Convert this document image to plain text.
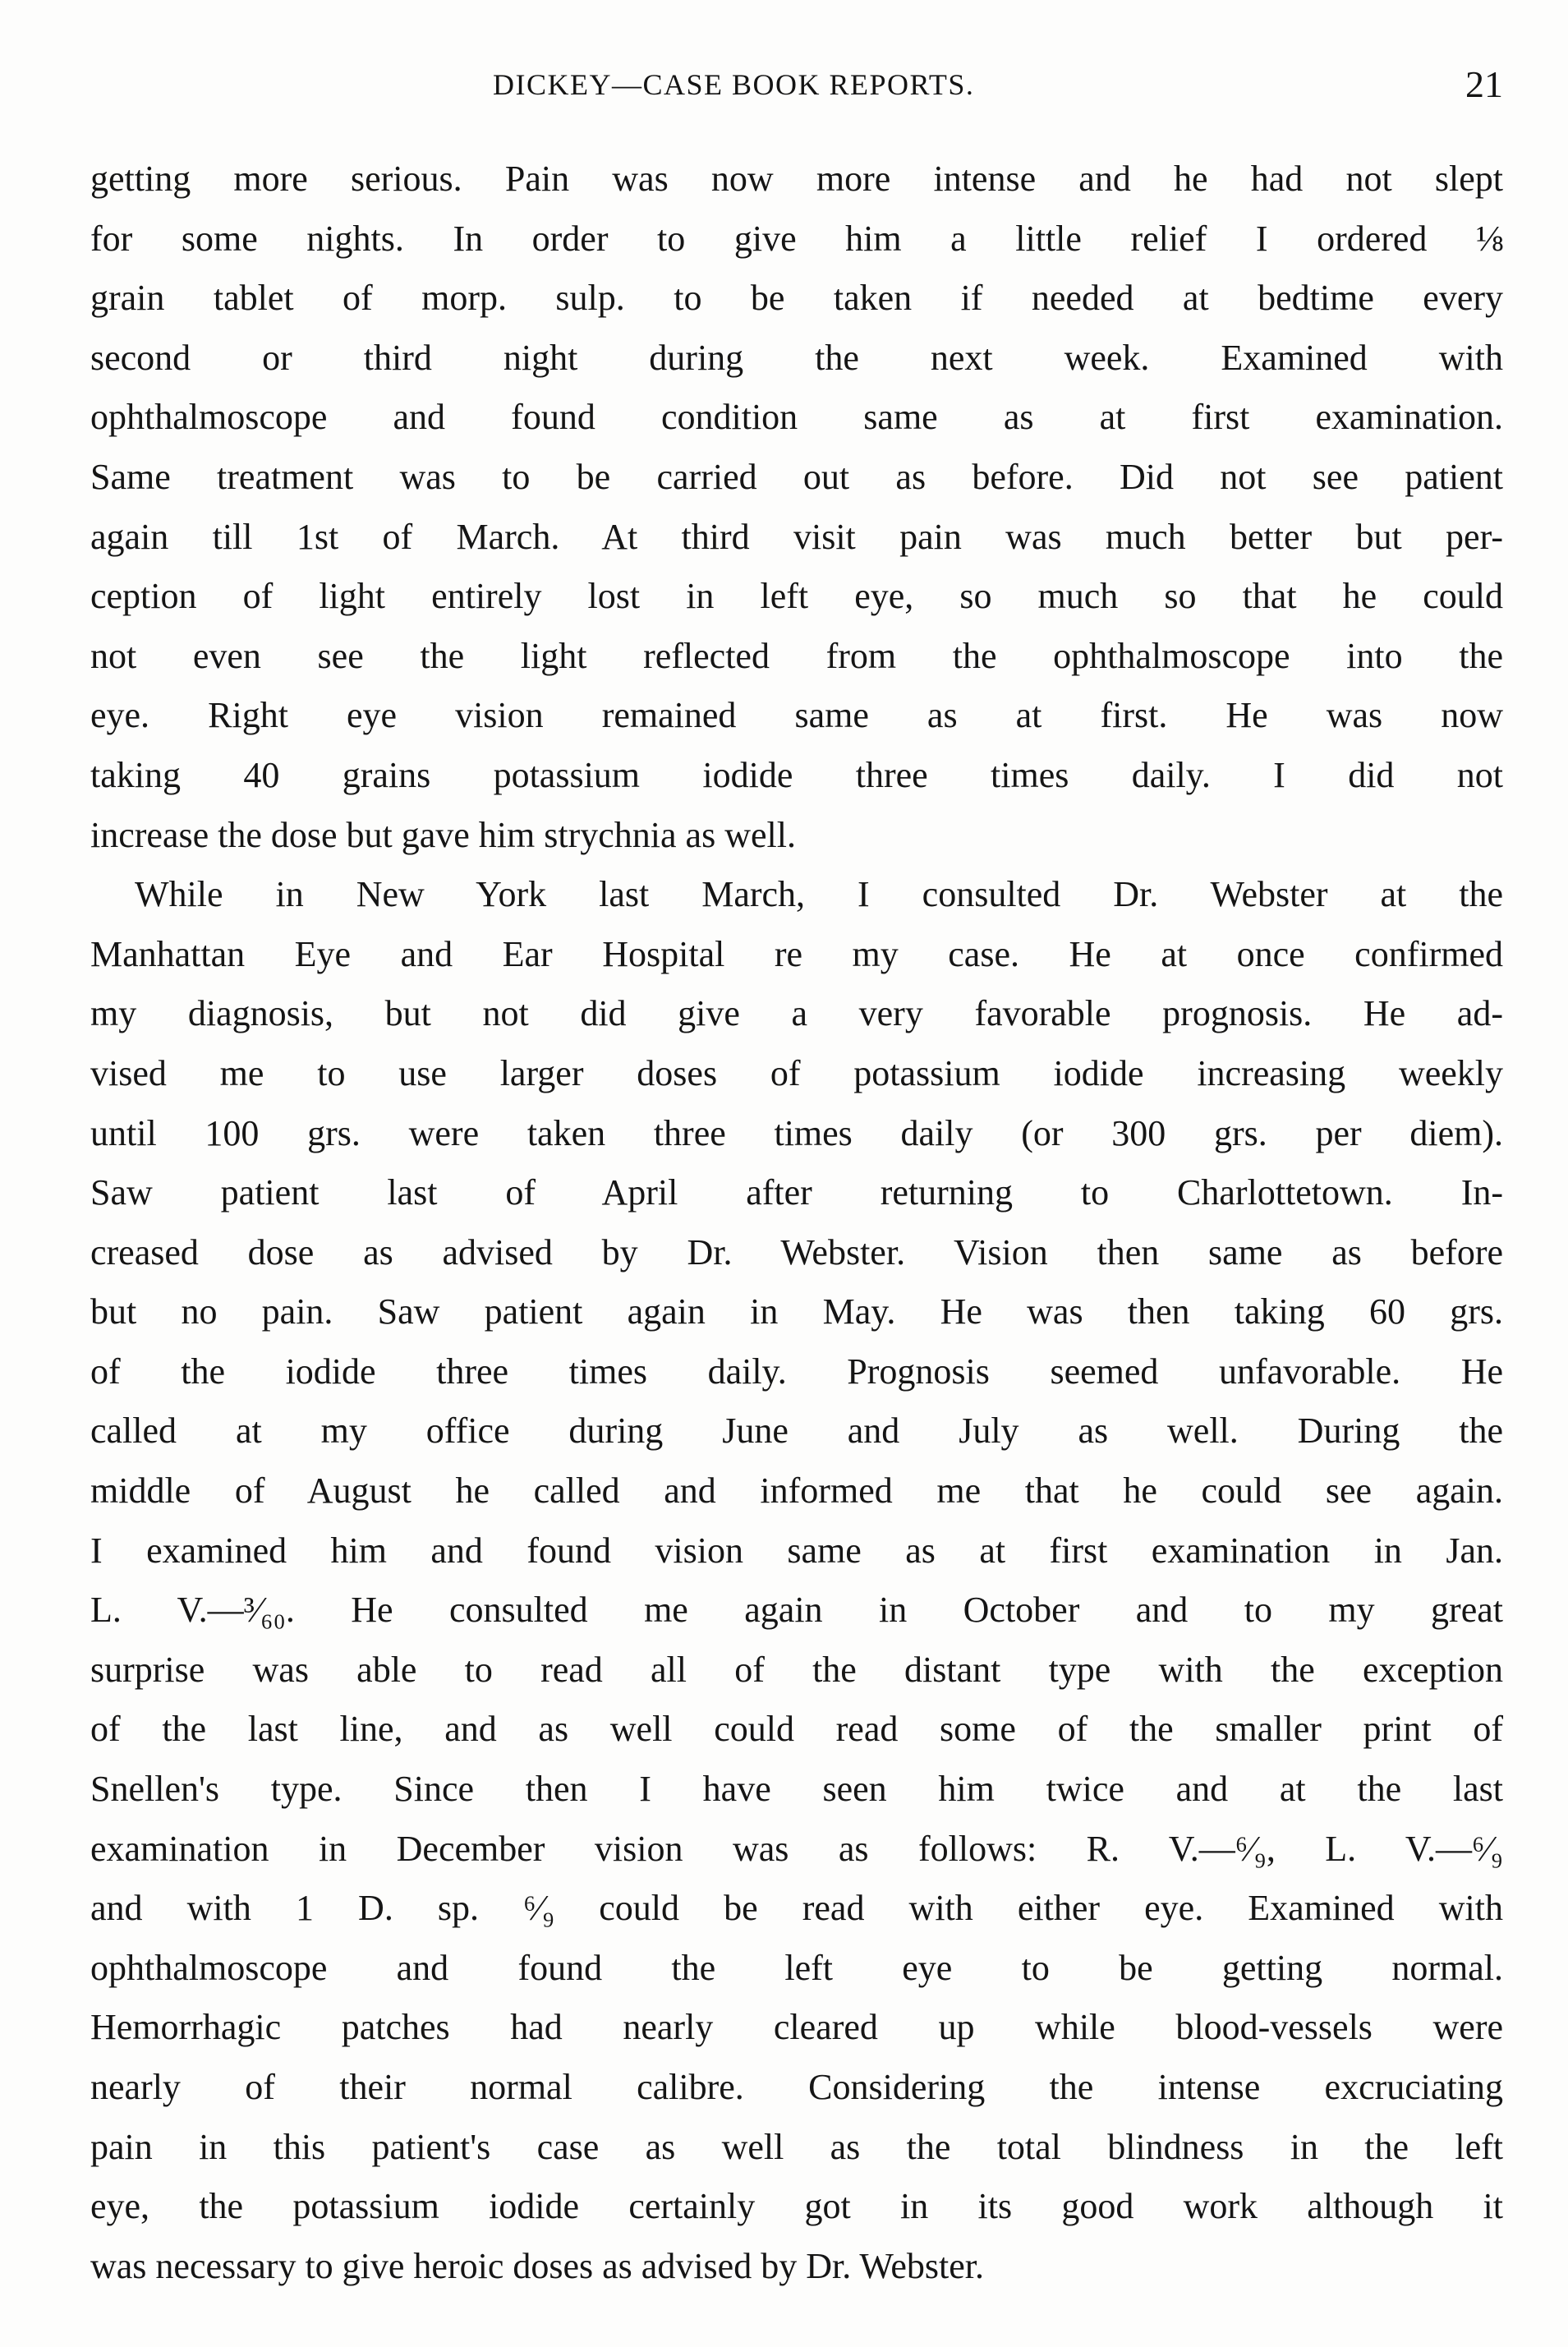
DICKEY—CASE BOOK REPORTS.	21
getting more serious. Pain was now more intense and he had not slept
for some nights. In order to give him a little relief I ordered ⅛
grain tablet of morp. sulp. to be taken if needed at bedtime every
second or third night during the next week. Examined with
ophthalmoscope and found condition same as at first examination.
Same treatment was to be carried out as before. Did not see patient
again till 1st of March. At third visit pain was much better but per-
ception of light entirely lost in left eye, so much so that he could
not even see the light reflected from the ophthalmoscope into the
eye. Right eye vision remained same as at first. He was now
taking 40 grains potassium iodide three times daily. I did not
increase the dose but gave him strychnia as well.
While in New York last March, I consulted Dr. Webster at the
Manhattan Eye and Ear Hospital re my case. He at once confirmed
my diagnosis, but not did give a very favorable prognosis. He ad-
vised me to use larger doses of potassium iodide increasing weekly
until 100 grs. were taken three times daily (or 300 grs. per diem).
Saw patient last of April after returning to Charlottetown. In-
creased dose as advised by Dr. Webster. Vision then same as before
but no pain. Saw patient again in May. He was then taking 60 grs.
of the iodide three times daily. Prognosis seemed unfavorable. He
called at my office during June and July as well. During the
middle of August he called and informed me that he could see again.
I examined him and found vision same as at first examination in Jan.
L. V.—³⁄₆₀. He consulted me again in October and to my great
surprise was able to read all of the distant type with the exception
of the last line, and as well could read some of the smaller print of
Snellen's type. Since then I have seen him twice and at the last
examination in December vision was as follows: R. V.—⁶⁄₉, L. V.—⁶⁄₉
and with 1 D. sp. ⁶⁄₉ could be read with either eye. Examined with
ophthalmoscope and found the left eye to be getting normal.
Hemorrhagic patches had nearly cleared up while blood-vessels were
nearly of their normal calibre. Considering the intense excruciating
pain in this patient's case as well as the total blindness in the left
eye, the potassium iodide certainly got in its good work although it
was necessary to give heroic doses as advised by Dr. Webster.
